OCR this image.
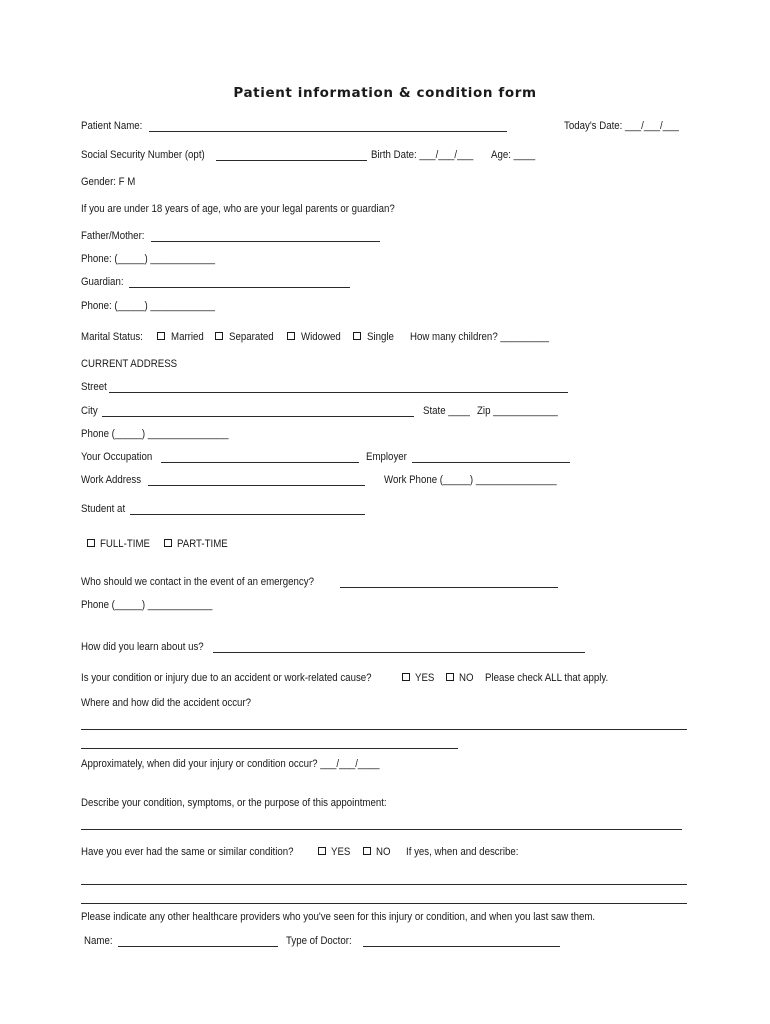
Patient information & condition form
Patient Name:	Today's Date: ___/___/___
Social Security Number (opt)	Birth Date: ___/___/___ Age: ____
Gender: F M
If you are under 18 years of age, who are your legal parents or guardian?
Father/Mother:
Phone: (_____) ____________
Guardian:
Phone: (_____) ____________
Marital Status:	Married Separated Widowed Single How many children? _________
CURRENT ADDRESS
Street
City	State ____ Zip ____________
Phone (_____) _______________
Your Occupation	Employer
Work Address	Work Phone (_____) _______________
Student at
FULL-TIME PART-TIME
Who should we contact in the event of an emergency?
Phone (_____) ____________
How did you learn about us?
Is your condition or injury due to an accident or work-related cause?	YES NO Please check ALL that apply.
Where and how did the accident occur?
Approximately, when did your injury or condition occur? ___/___/____
Describe your condition, symptoms, or the purpose of this appointment:
Have you ever had the same or similar condition?	YES NO If yes, when and describe:
Please indicate any other healthcare providers who you've seen for this injury or condition, and when you last saw them.
Name:	Type of Doctor:
